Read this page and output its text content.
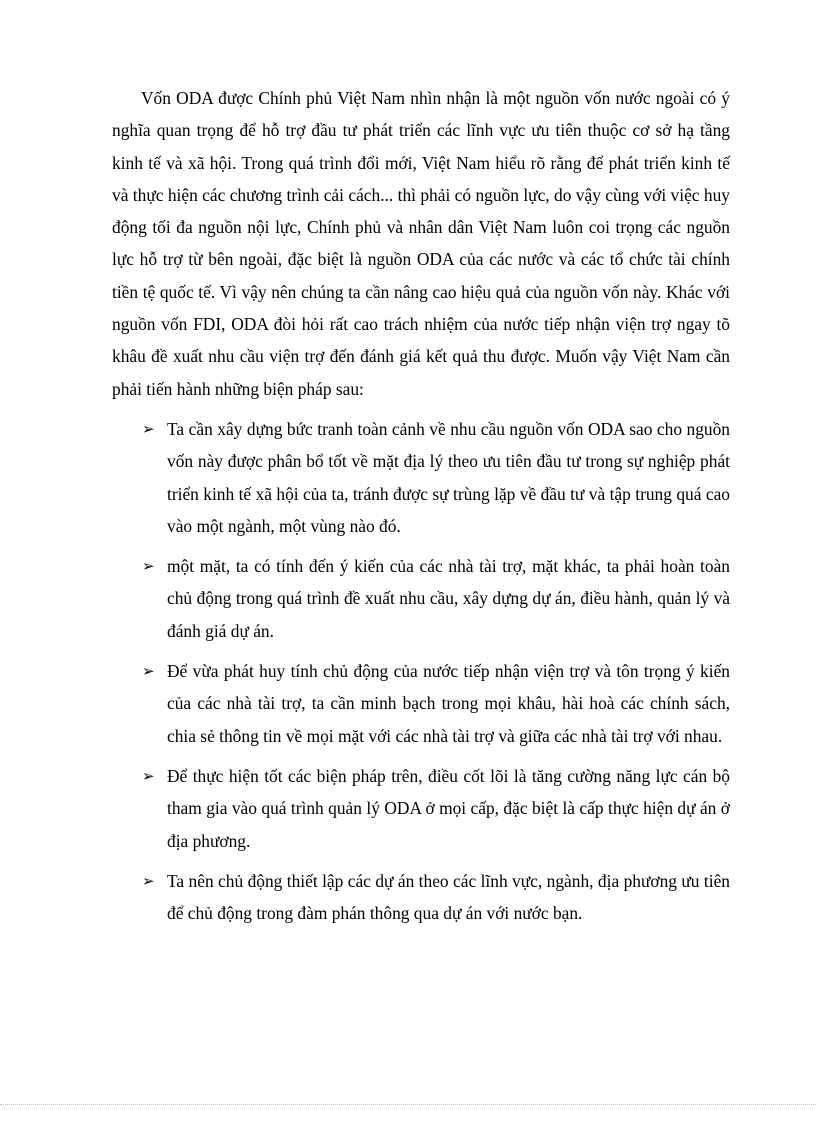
Vốn ODA được Chính phủ Việt Nam nhìn nhận là một nguồn vốn nước ngoài có ý nghĩa quan trọng để hỗ trợ đầu tư phát triển các lĩnh vực ưu tiên thuộc cơ sở hạ tầng kinh tế và xã hội. Trong quá trình đổi mới, Việt Nam hiểu rõ rằng để phát triển kinh tế và thực hiện các chương trình cải cách... thì phải có nguồn lực, do vậy cùng với việc huy động tối đa nguồn nội lực, Chính phủ và nhân dân Việt Nam luôn coi trọng các nguồn lực hỗ trợ từ bên ngoài, đặc biệt là nguồn ODA của các nước và các tổ chức tài chính tiền tệ quốc tế. Vì vậy nên chúng ta cần nâng cao hiệu quả của nguồn vốn này. Khác với nguồn vốn FDI, ODA đòi hỏi rất cao trách nhiệm của nước tiếp nhận viện trợ ngay tõ khâu đề xuất nhu cầu viện trợ đến đánh giá kết quả thu được. Muốn vậy Việt Nam cần phải tiến hành những biện pháp sau:

➢ Ta cần xây dựng bức tranh toàn cảnh về nhu cầu nguồn vốn ODA sao cho nguồn vốn này được phân bổ tốt về mặt địa lý theo ưu tiên đầu tư trong sự nghiệp phát triển kinh tế xã hội của ta, tránh được sự trùng lặp về đầu tư và tập trung quá cao vào một ngành, một vùng nào đó.
➢ một mặt, ta có tính đến ý kiến của các nhà tài trợ, mặt khác, ta phải hoàn toàn chủ động trong quá trình đề xuất nhu cầu, xây dựng dự án, điều hành, quản lý và đánh giá dự án.
➢ Để vừa phát huy tính chủ động của nước tiếp nhận viện trợ và tôn trọng ý kiến của các nhà tài trợ, ta cần minh bạch trong mọi khâu, hài hoà các chính sách, chia sẻ thông tin về mọi mặt với các nhà tài trợ và giữa các nhà tài trợ với nhau.
➢ Để thực hiện tốt các biện pháp trên, điều cốt lõi là tăng cường năng lực cán bộ tham gia vào quá trình quản lý ODA ở mọi cấp, đặc biệt là cấp thực hiện dự án ở địa phương.
➢ Ta nên chủ động thiết lập các dự án theo các lĩnh vực, ngành, địa phương ưu tiên để chủ động trong đàm phán thông qua dự án với nước bạn.
